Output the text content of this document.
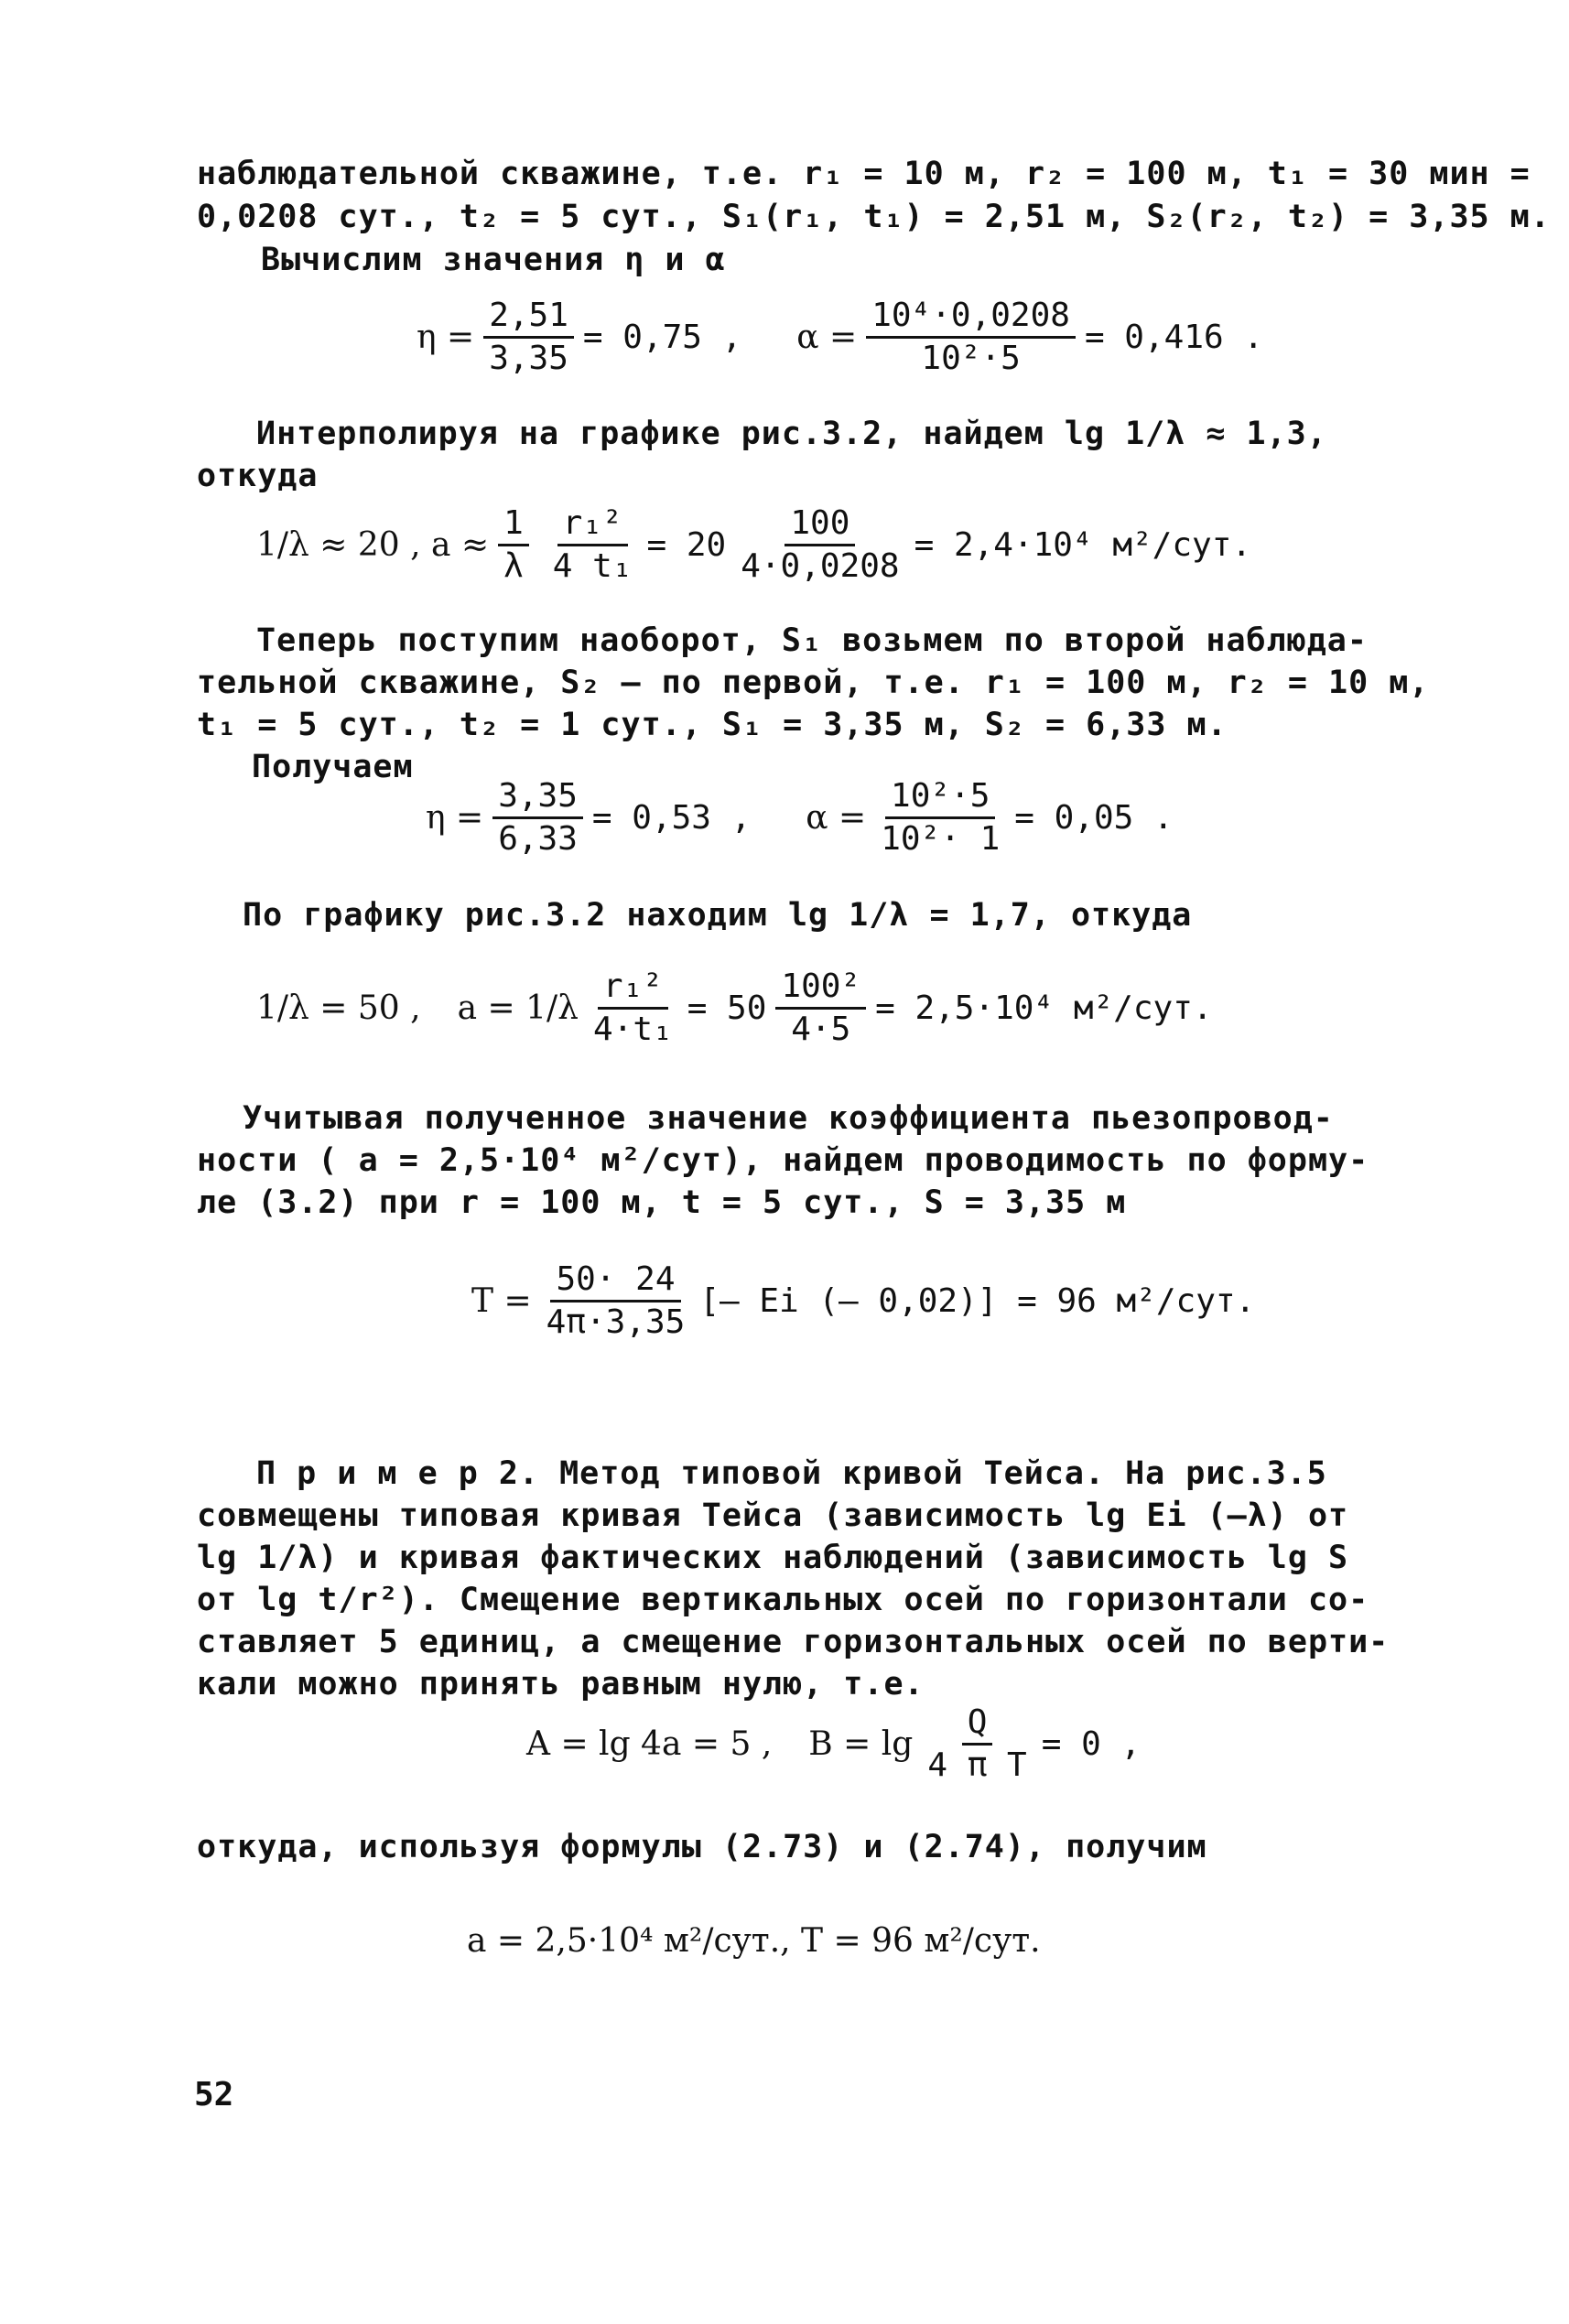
наблюдательной скважине, т.е. r₁ = 10 м, r₂ = 100 м, t₁ = 30 мин =
0,0208 сут., t₂ = 5 сут., S₁(r₁, t₁) = 2,51 м, S₂(r₂, t₂) = 3,35 м.
Вычислим значения η и α
$\eta = \frac{2,51}{3,35} = 0,75$ , $\alpha = \frac{\text{10⁴·0,0208}}{\text{10²·5}} = 0,416$ .
Интерполируя на графике рис.3.2, найдем lg 1/λ ≈ 1,3,
откуда
1/λ ≈ 20 , $a \approx \frac{1}{\lambda} \frac{\text{r₁²}}{\text{4 t₁}} = 20 \frac{100}{4\cdot 0,0208} = 2,4\cdot 10^4$ м²/сут.
Теперь поступим наоборот, S₁ возьмем по второй наблюда-
тельной скважине, S₂ – по первой, т.е. r₁ = 100 м, r₂ = 10 м,
t₁ = 5 сут., t₂ = 1 сут., S₁ = 3,35 м, S₂ = 6,33 м.
Получаем
$\eta = \frac{3,35}{6,33} = 0,53$ , $\alpha = \frac{\text{10²·5}}{\text{10²· 1}} = 0,05$ .
По графику рис.3.2 находим lg 1/λ = 1,7, откуда
1/λ = 50 , $a = 1/\lambda \frac{\text{r₁²}}{\text{4·t₁}} = 50 \frac{\text{100²}}{4\cdot 5} = 2,5\cdot 10^4$ м²/сут.
Учитывая полученное значение коэффициента пьезопровод-
ности ( a = 2,5·10⁴ м²/сут), найдем проводимость по форму-
ле (3.2) при r = 100 м, t = 5 сут., S = 3,35 м
$T = \frac{50\cdot 24}{4\pi\cdot 3,35}$ [– Ei (– 0,02)] = 96 м²/сут.
П р и м е р 2. Метод типовой кривой Тейса. На рис.3.5
совмещены типовая кривая Тейса (зависимость lg Ei (–λ) от
lg 1/λ) и кривая фактических наблюдений (зависимость lg S
от lg t/r²). Смещение вертикальных осей по горизонтали со-
ставляет 5 единиц, а смещение горизонтальных осей по верти-
кали можно принять равным нулю, т.е.
A = lg 4a = 5 , $B = \lg \frac{Q}{\text{4 π T}} = 0$ ,
откуда, используя формулы (2.73) и (2.74), получим
a = 2,5·10⁴ м²/сут., T = 96 м²/сут.
52
